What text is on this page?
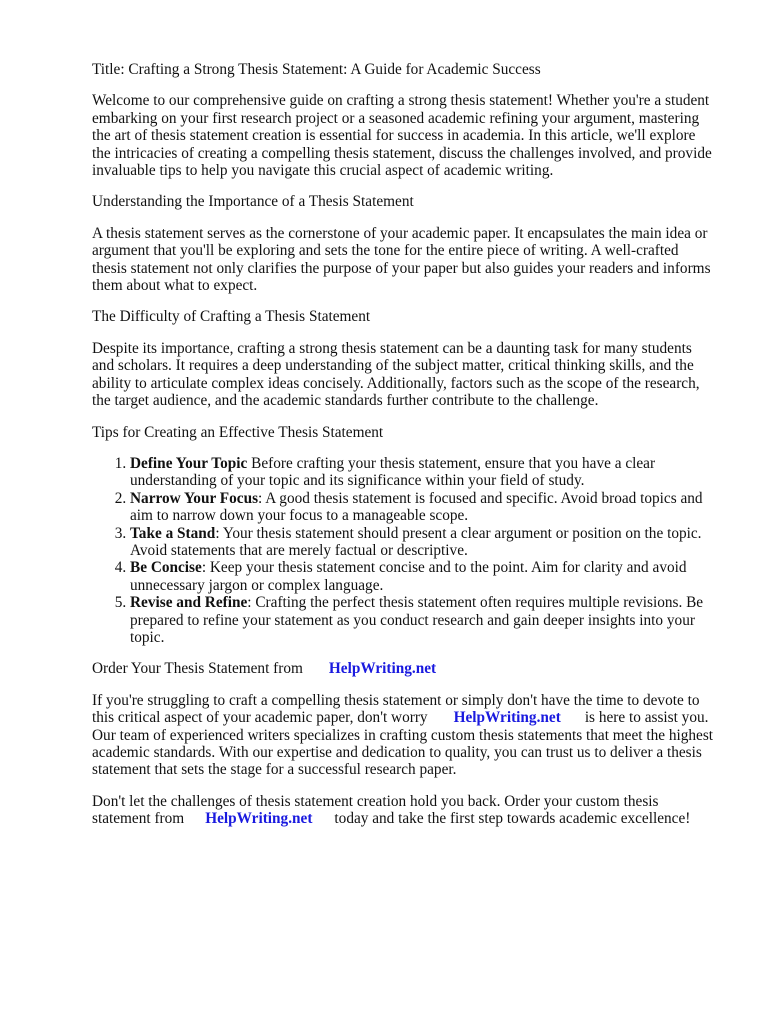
Title: Crafting a Strong Thesis Statement: A Guide for Academic Success

Welcome to our comprehensive guide on crafting a strong thesis statement! Whether you're a student embarking on your first research project or a seasoned academic refining your argument, mastering the art of thesis statement creation is essential for success in academia. In this article, we'll explore the intricacies of creating a compelling thesis statement, discuss the challenges involved, and provide invaluable tips to help you navigate this crucial aspect of academic writing.

Understanding the Importance of a Thesis Statement

A thesis statement serves as the cornerstone of your academic paper. It encapsulates the main idea or argument that you'll be exploring and sets the tone for the entire piece of writing. A well-crafted thesis statement not only clarifies the purpose of your paper but also guides your readers and informs them about what to expect.

The Difficulty of Crafting a Thesis Statement

Despite its importance, crafting a strong thesis statement can be a daunting task for many students and scholars. It requires a deep understanding of the subject matter, critical thinking skills, and the ability to articulate complex ideas concisely. Additionally, factors such as the scope of the research, the target audience, and the academic standards further contribute to the challenge.

Tips for Creating an Effective Thesis Statement

1. Define Your Topic Before crafting your thesis statement, ensure that you have a clear understanding of your topic and its significance within your field of study.
2. Narrow Your Focus: A good thesis statement is focused and specific. Avoid broad topics and aim to narrow down your focus to a manageable scope.
3. Take a Stand: Your thesis statement should present a clear argument or position on the topic. Avoid statements that are merely factual or descriptive.
4. Be Concise: Keep your thesis statement concise and to the point. Aim for clarity and avoid unnecessary jargon or complex language.
5. Revise and Refine: Crafting the perfect thesis statement often requires multiple revisions. Be prepared to refine your statement as you conduct research and gain deeper insights into your topic.

Order Your Thesis Statement from HelpWriting.net

If you're struggling to craft a compelling thesis statement or simply don't have the time to devote to this critical aspect of your academic paper, don't worry HelpWriting.net is here to assist you. Our team of experienced writers specializes in crafting custom thesis statements that meet the highest academic standards. With our expertise and dedication to quality, you can trust us to deliver a thesis statement that sets the stage for a successful research paper.

Don't let the challenges of thesis statement creation hold you back. Order your custom thesis statement from HelpWriting.net today and take the first step towards academic excellence!
